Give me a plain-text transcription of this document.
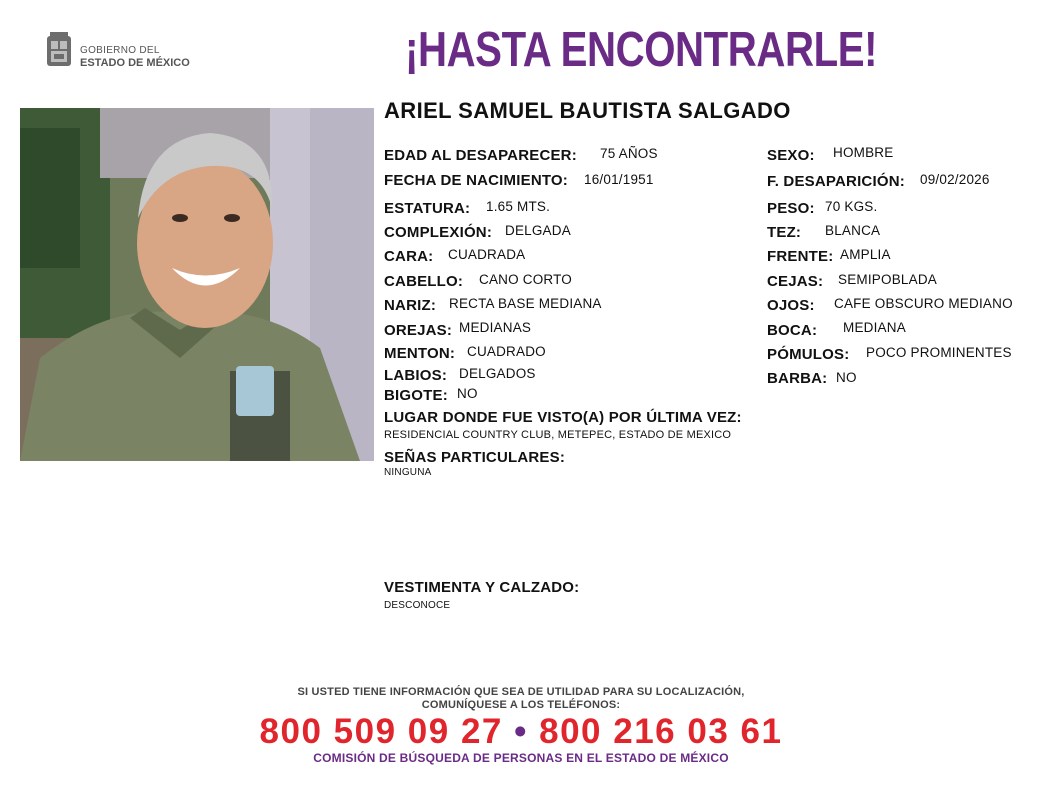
GOBIERNO DEL
ESTADO DE MÉXICO	¡HASTA ENCONTRARLE!
ARIEL SAMUEL BAUTISTA SALGADO
EDAD AL DESAPARECER: 75 AÑOS
FECHA DE NACIMIENTO: 16/01/1951
ESTATURA: 1.65 MTS.
COMPLEXIÓN: DELGADA
CARA: CUADRADA
CABELLO: CANO CORTO
NARIZ: RECTA BASE MEDIANA
OREJAS: MEDIANAS
MENTON: CUADRADO
LABIOS: DELGADOS
BIGOTE: NO
SEXO: HOMBRE
F. DESAPARICIÓN: 09/02/2026
PESO: 70 KGS.
TEZ: BLANCA
FRENTE: AMPLIA
CEJAS: SEMIPOBLADA
OJOS: CAFE OBSCURO MEDIANO
BOCA: MEDIANA
PÓMULOS: POCO PROMINENTES
BARBA: NO
LUGAR DONDE FUE VISTO(A) POR ÚLTIMA VEZ:
RESIDENCIAL COUNTRY CLUB, METEPEC, ESTADO DE MEXICO
SEÑAS PARTICULARES:
NINGUNA
VESTIMENTA Y CALZADO:
DESCONOCE
SI USTED TIENE INFORMACIÓN QUE SEA DE UTILIDAD PARA SU LOCALIZACIÓN,
COMUNÍQUESE A LOS TELÉFONOS:
800 509 09 27 • 800 216 03 61
COMISIÓN DE BÚSQUEDA DE PERSONAS EN EL ESTADO DE MÉXICO
